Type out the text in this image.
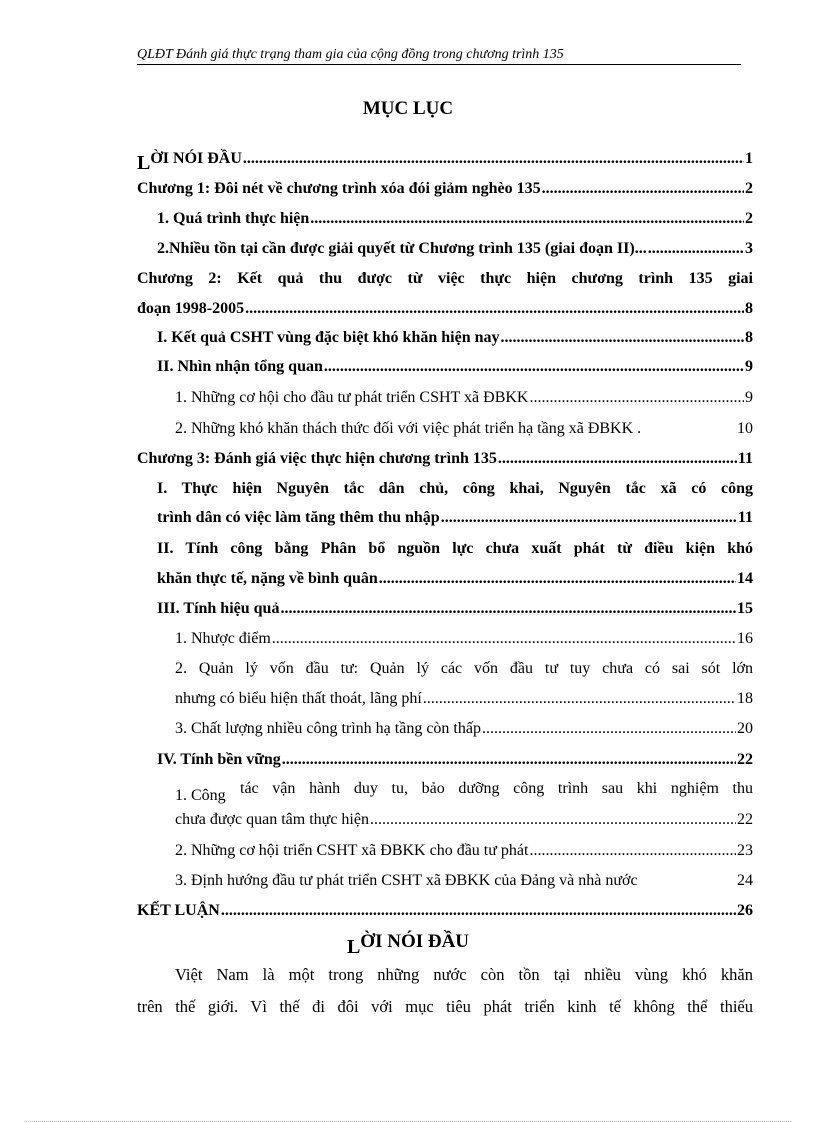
QLĐT Đánh giá thực trạng tham gia của cộng đồng trong chương trình 135
MỤC LỤC
LỜI NÓI ĐẦU .....	1
Chương 1: Đôi nét về chương trình xóa đói giảm nghèo 135 .....	2
1. Quá trình thực hiện .....	2
2.Nhiều tồn tại cần được giải quyết từ Chương trình 135 (giai đoạn II)... .....	3
Chương 2: Kết quả thu được từ việc thực hiện chương trình 135 giai
đoạn 1998-2005 .....	8
I. Kết quả CSHT vùng đặc biệt khó khăn hiện nay .....	8
II. Nhìn nhận tổng quan .....	9
1. Những cơ hội cho đầu tư phát triển CSHT xã ĐBKK .....	9
2. Những khó khăn thách thức đối với việc phát triển hạ tầng xã ĐBKK .	10
Chương 3: Đánh giá việc thực hiện chương trình 135 .....	11
I. Thực hiện Nguyên tắc dân chủ, công khai, Nguyên tắc xã có công
trình dân có việc làm tăng thêm thu nhập .....	11
II. Tính công bằng Phân bổ nguồn lực chưa xuất phát từ điều kiện khó
khăn thực tế, nặng về bình quân .....	14
III. Tính hiệu quả .....	15
1. Nhược điểm .....	16
2. Quản lý vốn đầu tư: Quản lý các vốn đầu tư tuy chưa có sai sót lớn
nhưng có biểu hiện thất thoát, lãng phí .....	18
3. Chất lượng nhiều công trình hạ tầng còn thấp .....	20
IV. Tính bền vững .....	22
1. Công tác vận hành duy tu, bảo dưỡng công trình sau khi nghiệm thu
chưa được quan tâm thực hiện .....	22
2. Những cơ hội triển CSHT xã ĐBKK cho đầu tư phát .....	23
3. Định hướng đầu tư phát triển CSHT xã ĐBKK của Đảng và nhà nước	24
KẾT LUẬN .....	26
LỜI NÓI ĐẦU
Việt Nam là một trong những nước còn tồn tại nhiều vùng khó khăn
trên thế giới. Vì thế đi đôi với mục tiêu phát triển kinh tế không thể thiếu
